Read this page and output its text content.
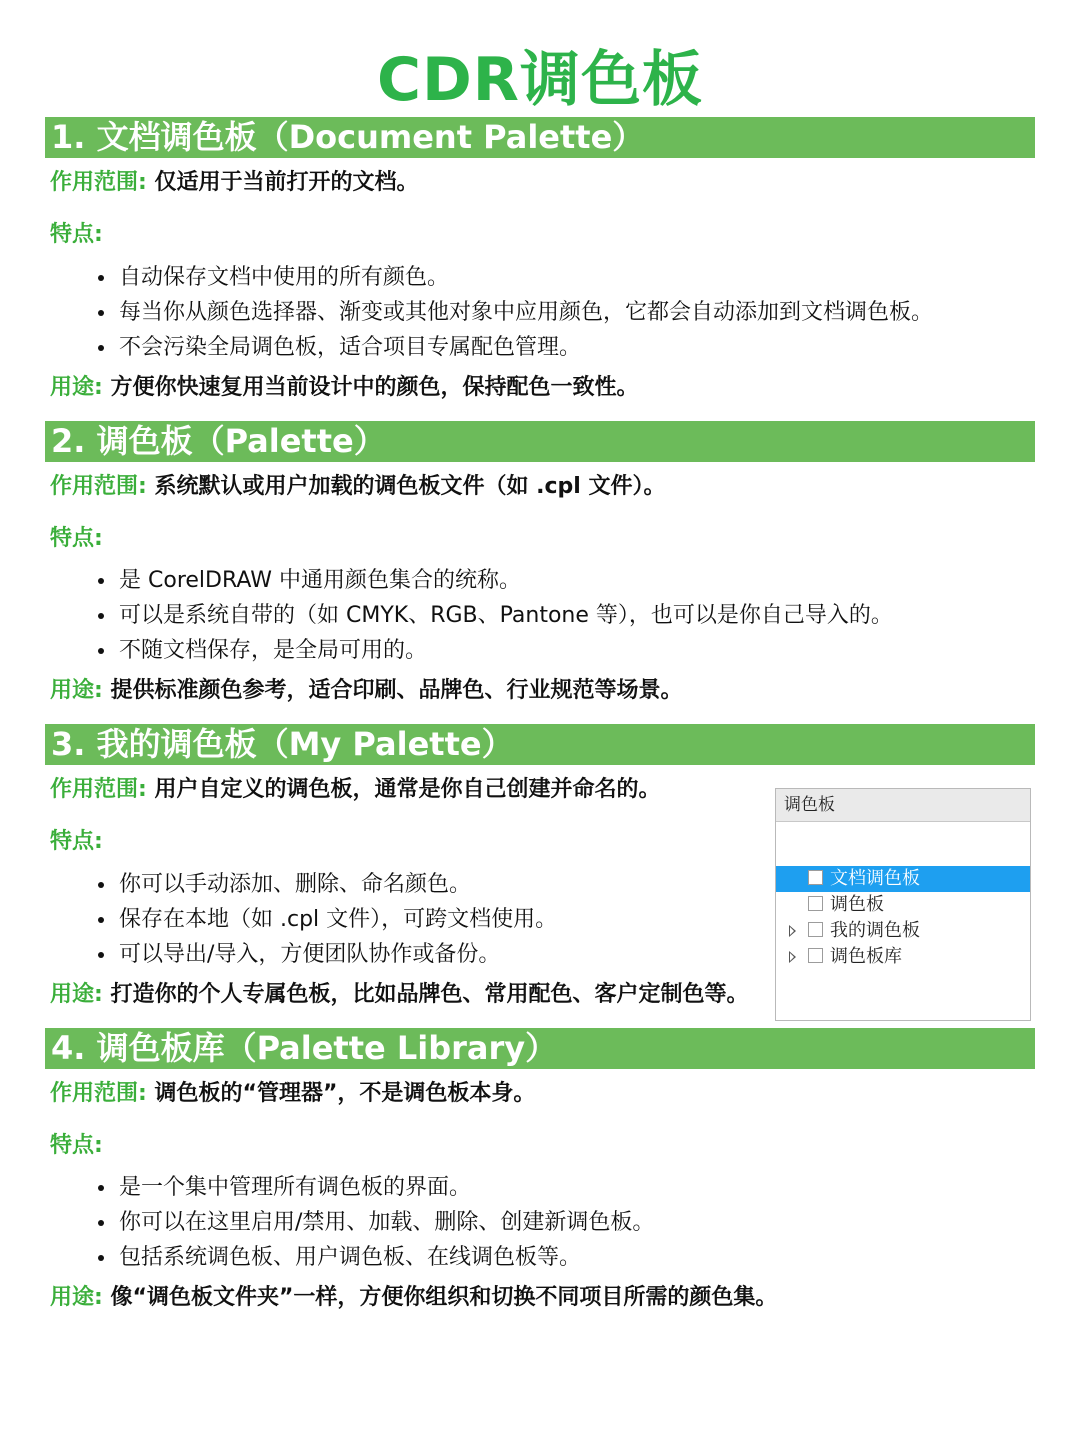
CDR调色板
1. 文档调色板（Document Palette）
作用范围: 仅适用于当前打开的文档。
特点:
自动保存文档中使用的所有颜色。
每当你从颜色选择器、渐变或其他对象中应用颜色，它都会自动添加到文档调色板。
不会污染全局调色板，适合项目专属配色管理。
用途: 方便你快速复用当前设计中的颜色，保持配色一致性。
2. 调色板（Palette）
作用范围: 系统默认或用户加载的调色板文件（如 .cpl 文件）。
特点:
是 CorelDRAW 中通用颜色集合的统称。
可以是系统自带的（如 CMYK、RGB、Pantone 等），也可以是你自己导入的。
不随文档保存，是全局可用的。
用途: 提供标准颜色参考，适合印刷、品牌色、行业规范等场景。
3. 我的调色板（My Palette）
作用范围: 用户自定义的调色板，通常是你自己创建并命名的。
特点:
你可以手动添加、删除、命名颜色。
保存在本地（如 .cpl 文件），可跨文档使用。
可以导出/导入，方便团队协作或备份。
用途: 打造你的个人专属色板，比如品牌色、常用配色、客户定制色等。
调色板
文档调色板
调色板
我的调色板
调色板库
4. 调色板库（Palette Library）
作用范围: 调色板的“管理器”，不是调色板本身。
特点:
是一个集中管理所有调色板的界面。
你可以在这里启用/禁用、加载、删除、创建新调色板。
包括系统调色板、用户调色板、在线调色板等。
用途: 像“调色板文件夹”一样，方便你组织和切换不同项目所需的颜色集。
